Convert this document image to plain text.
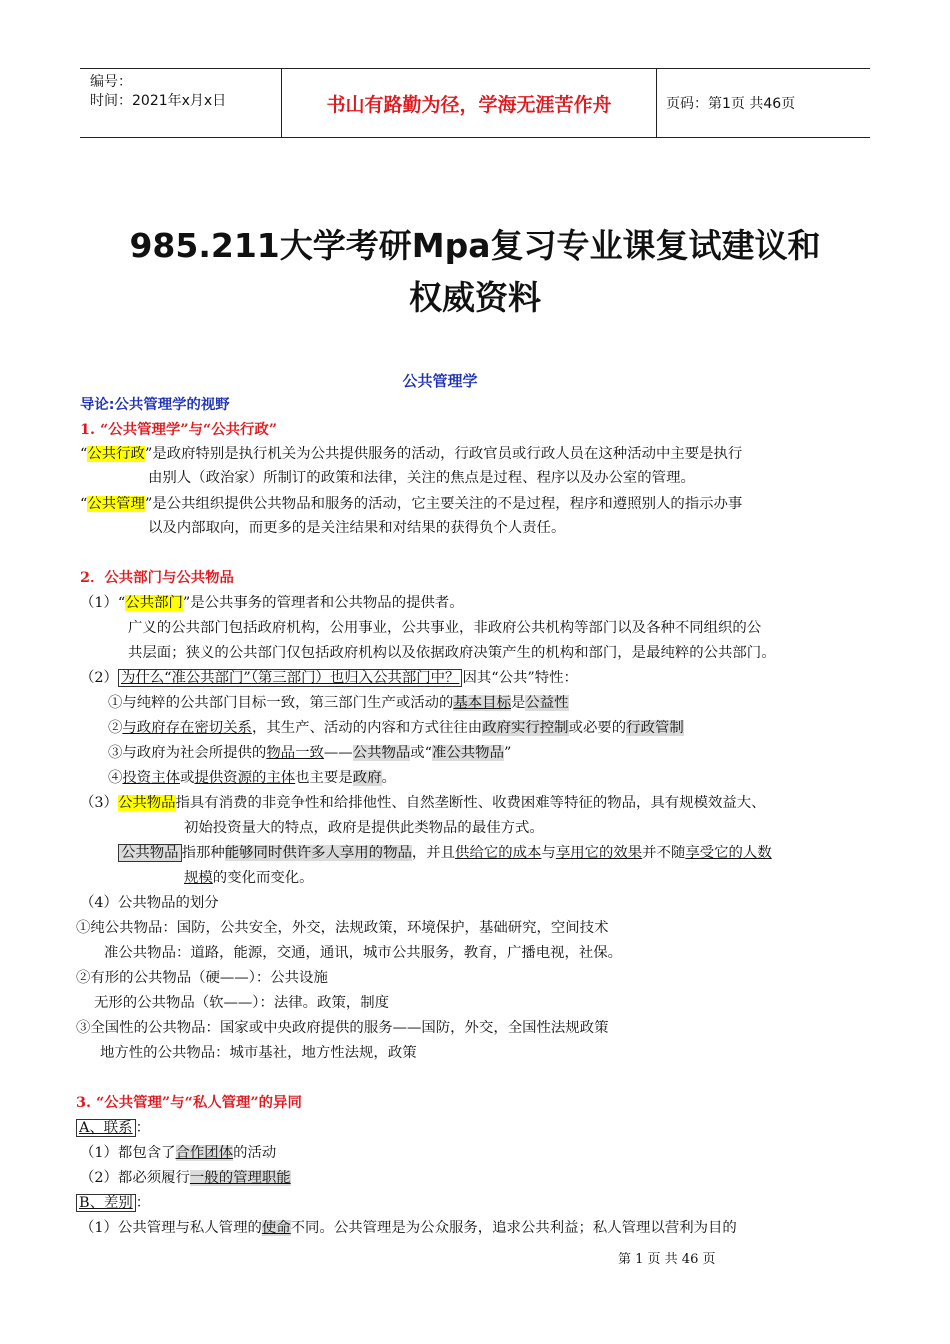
编号：
时间：2021年x月x日	书山有路勤为径，学海无涯苦作舟	页码：第1页 共46页
985.211大学考研Mpa复习专业课复试建议和
权威资料
公共管理学
导论:公共管理学的视野
1. “公共管理学”与“公共行政”
“公共行政”是政府特别是执行机关为公共提供服务的活动，行政官员或行政人员在这种活动中主要是执行
由别人（政治家）所制订的政策和法律，关注的焦点是过程、程序以及办公室的管理。
“公共管理”是公共组织提供公共物品和服务的活动，它主要关注的不是过程，程序和遵照别人的指示办事
以及内部取向，而更多的是关注结果和对结果的获得负个人责任。
2．公共部门与公共物品
（1）“公共部门”是公共事务的管理者和公共物品的提供者。
广义的公共部门包括政府机构，公用事业，公共事业，非政府公共机构等部门以及各种不同组织的公
共层面；狭义的公共部门仅包括政府机构以及依据政府决策产生的机构和部门，是最纯粹的公共部门。
（2） 为什么“准公共部门”（第三部门）也归入公共部门中？ 因其“公共”特性：
①与纯粹的公共部门目标一致，第三部门生产或活动的基本目标是公益性
②与政府存在密切关系，其生产、活动的内容和方式往往由政府实行控制或必要的行政管制
③与政府为社会所提供的物品一致——公共物品或“准公共物品”
④投资主体或提供资源的主体也主要是政府。
（3）公共物品指具有消费的非竞争性和给排他性、自然垄断性、收费困难等特征的物品，具有规模效益大、
初始投资量大的特点，政府是提供此类物品的最佳方式。
公共物品 指那种能够同时供许多人享用的物品，并且供给它的成本与享用它的效果并不随享受它的人数
规模的变化而变化。
（4）公共物品的划分
①纯公共物品：国防，公共安全，外交，法规政策，环境保护，基础研究，空间技术
准公共物品：道路，能源，交通，通讯，城市公共服务，教育，广播电视，社保。
②有形的公共物品（硬——）：公共设施
无形的公共物品（软——）：法律。政策，制度
③全国性的公共物品：国家或中央政府提供的服务——国防，外交，全国性法规政策
地方性的公共物品：城市基社，地方性法规，政策
3. “公共管理”与“私人管理”的异同
A、联系 ：
（1）都包含了合作团体的活动
（2）都必须履行一般的管理职能
B、差别 ：
（1）公共管理与私人管理的使命不同。公共管理是为公众服务，追求公共利益；私人管理以营利为目的
第 1 页 共 46 页
